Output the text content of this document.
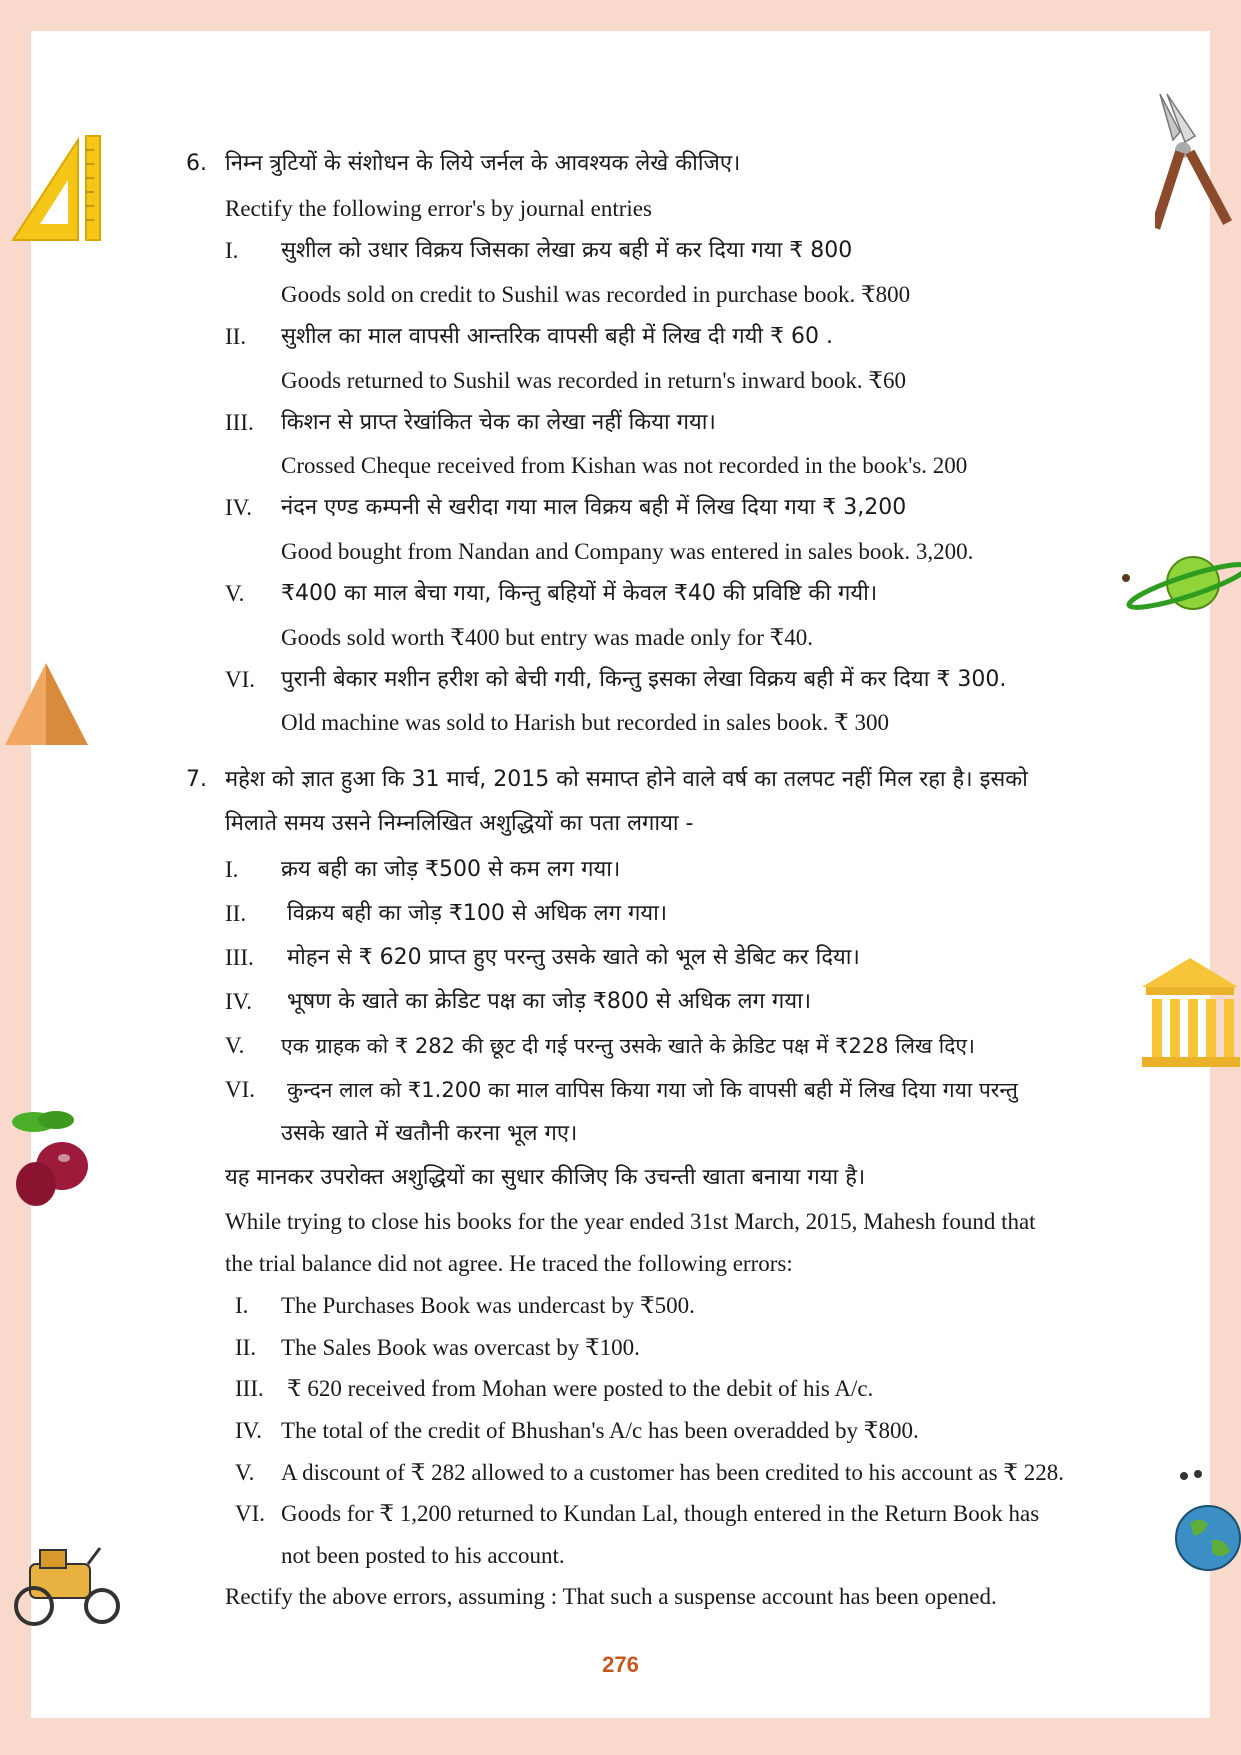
6. निम्न त्रुटियों के संशोधन के लिये जर्नल के आवश्यक लेखे कीजिए।
Rectify the following error's by journal entries
I. सुशील को उधार विक्रय जिसका लेखा क्रय बही में कर दिया गया ₹ 800
Goods sold on credit to Sushil was recorded in purchase book. ₹800
II. सुशील का माल वापसी आन्तरिक वापसी बही में लिख दी गयी ₹ 60 .
Goods returned to Sushil was recorded in return's inward book. ₹60
III. किशन से प्राप्त रेखांकित चेक का लेखा नहीं किया गया।
Crossed Cheque received from Kishan was not recorded in the book's. 200
IV. नंदन एण्ड कम्पनी से खरीदा गया माल विक्रय बही में लिख दिया गया ₹ 3,200
Good bought from Nandan and Company was entered in sales book. 3,200.
V. ₹400 का माल बेचा गया, किन्तु बहियों में केवल ₹40 की प्रविष्टि की गयी।
Goods sold worth ₹400 but entry was made only for ₹40.
VI. पुरानी बेकार मशीन हरीश को बेची गयी, किन्तु इसका लेखा विक्रय बही में कर दिया ₹ 300.
Old machine was sold to Harish but recorded in sales book. ₹ 300
7. महेश को ज्ञात हुआ कि 31 मार्च, 2015 को समाप्त होने वाले वर्ष का तलपट नहीं मिल रहा है। इसको
मिलाते समय उसने निम्नलिखित अशुद्धियों का पता लगाया -
I. क्रय बही का जोड़ ₹500 से कम लग गया।
II. विक्रय बही का जोड़ ₹100 से अधिक लग गया।
III. मोहन से ₹ 620 प्राप्त हुए परन्तु उसके खाते को भूल से डेबिट कर दिया।
IV. भूषण के खाते का क्रेडिट पक्ष का जोड़ ₹800 से अधिक लग गया।
V. एक ग्राहक को ₹ 282 की छूट दी गई परन्तु उसके खाते के क्रेडिट पक्ष में ₹228 लिख दिए।
VI. कुन्दन लाल को ₹1.200 का माल वापिस किया गया जो कि वापसी बही में लिख दिया गया परन्तु
उसके खाते में खतौनी करना भूल गए।
यह मानकर उपरोक्त अशुद्धियों का सुधार कीजिए कि उचन्ती खाता बनाया गया है।
While trying to close his books for the year ended 31st March, 2015, Mahesh found that
the trial balance did not agree. He traced the following errors:
I. The Purchases Book was undercast by ₹500.
II. The Sales Book was overcast by ₹100.
III. ₹ 620 received from Mohan were posted to the debit of his A/c.
IV. The total of the credit of Bhushan's A/c has been overadded by ₹800.
V. A discount of ₹ 282 allowed to a customer has been credited to his account as ₹ 228.
VI. Goods for ₹ 1,200 returned to Kundan Lal, though entered in the Return Book has
not been posted to his account.
Rectify the above errors, assuming : That such a suspense account has been opened.
276
